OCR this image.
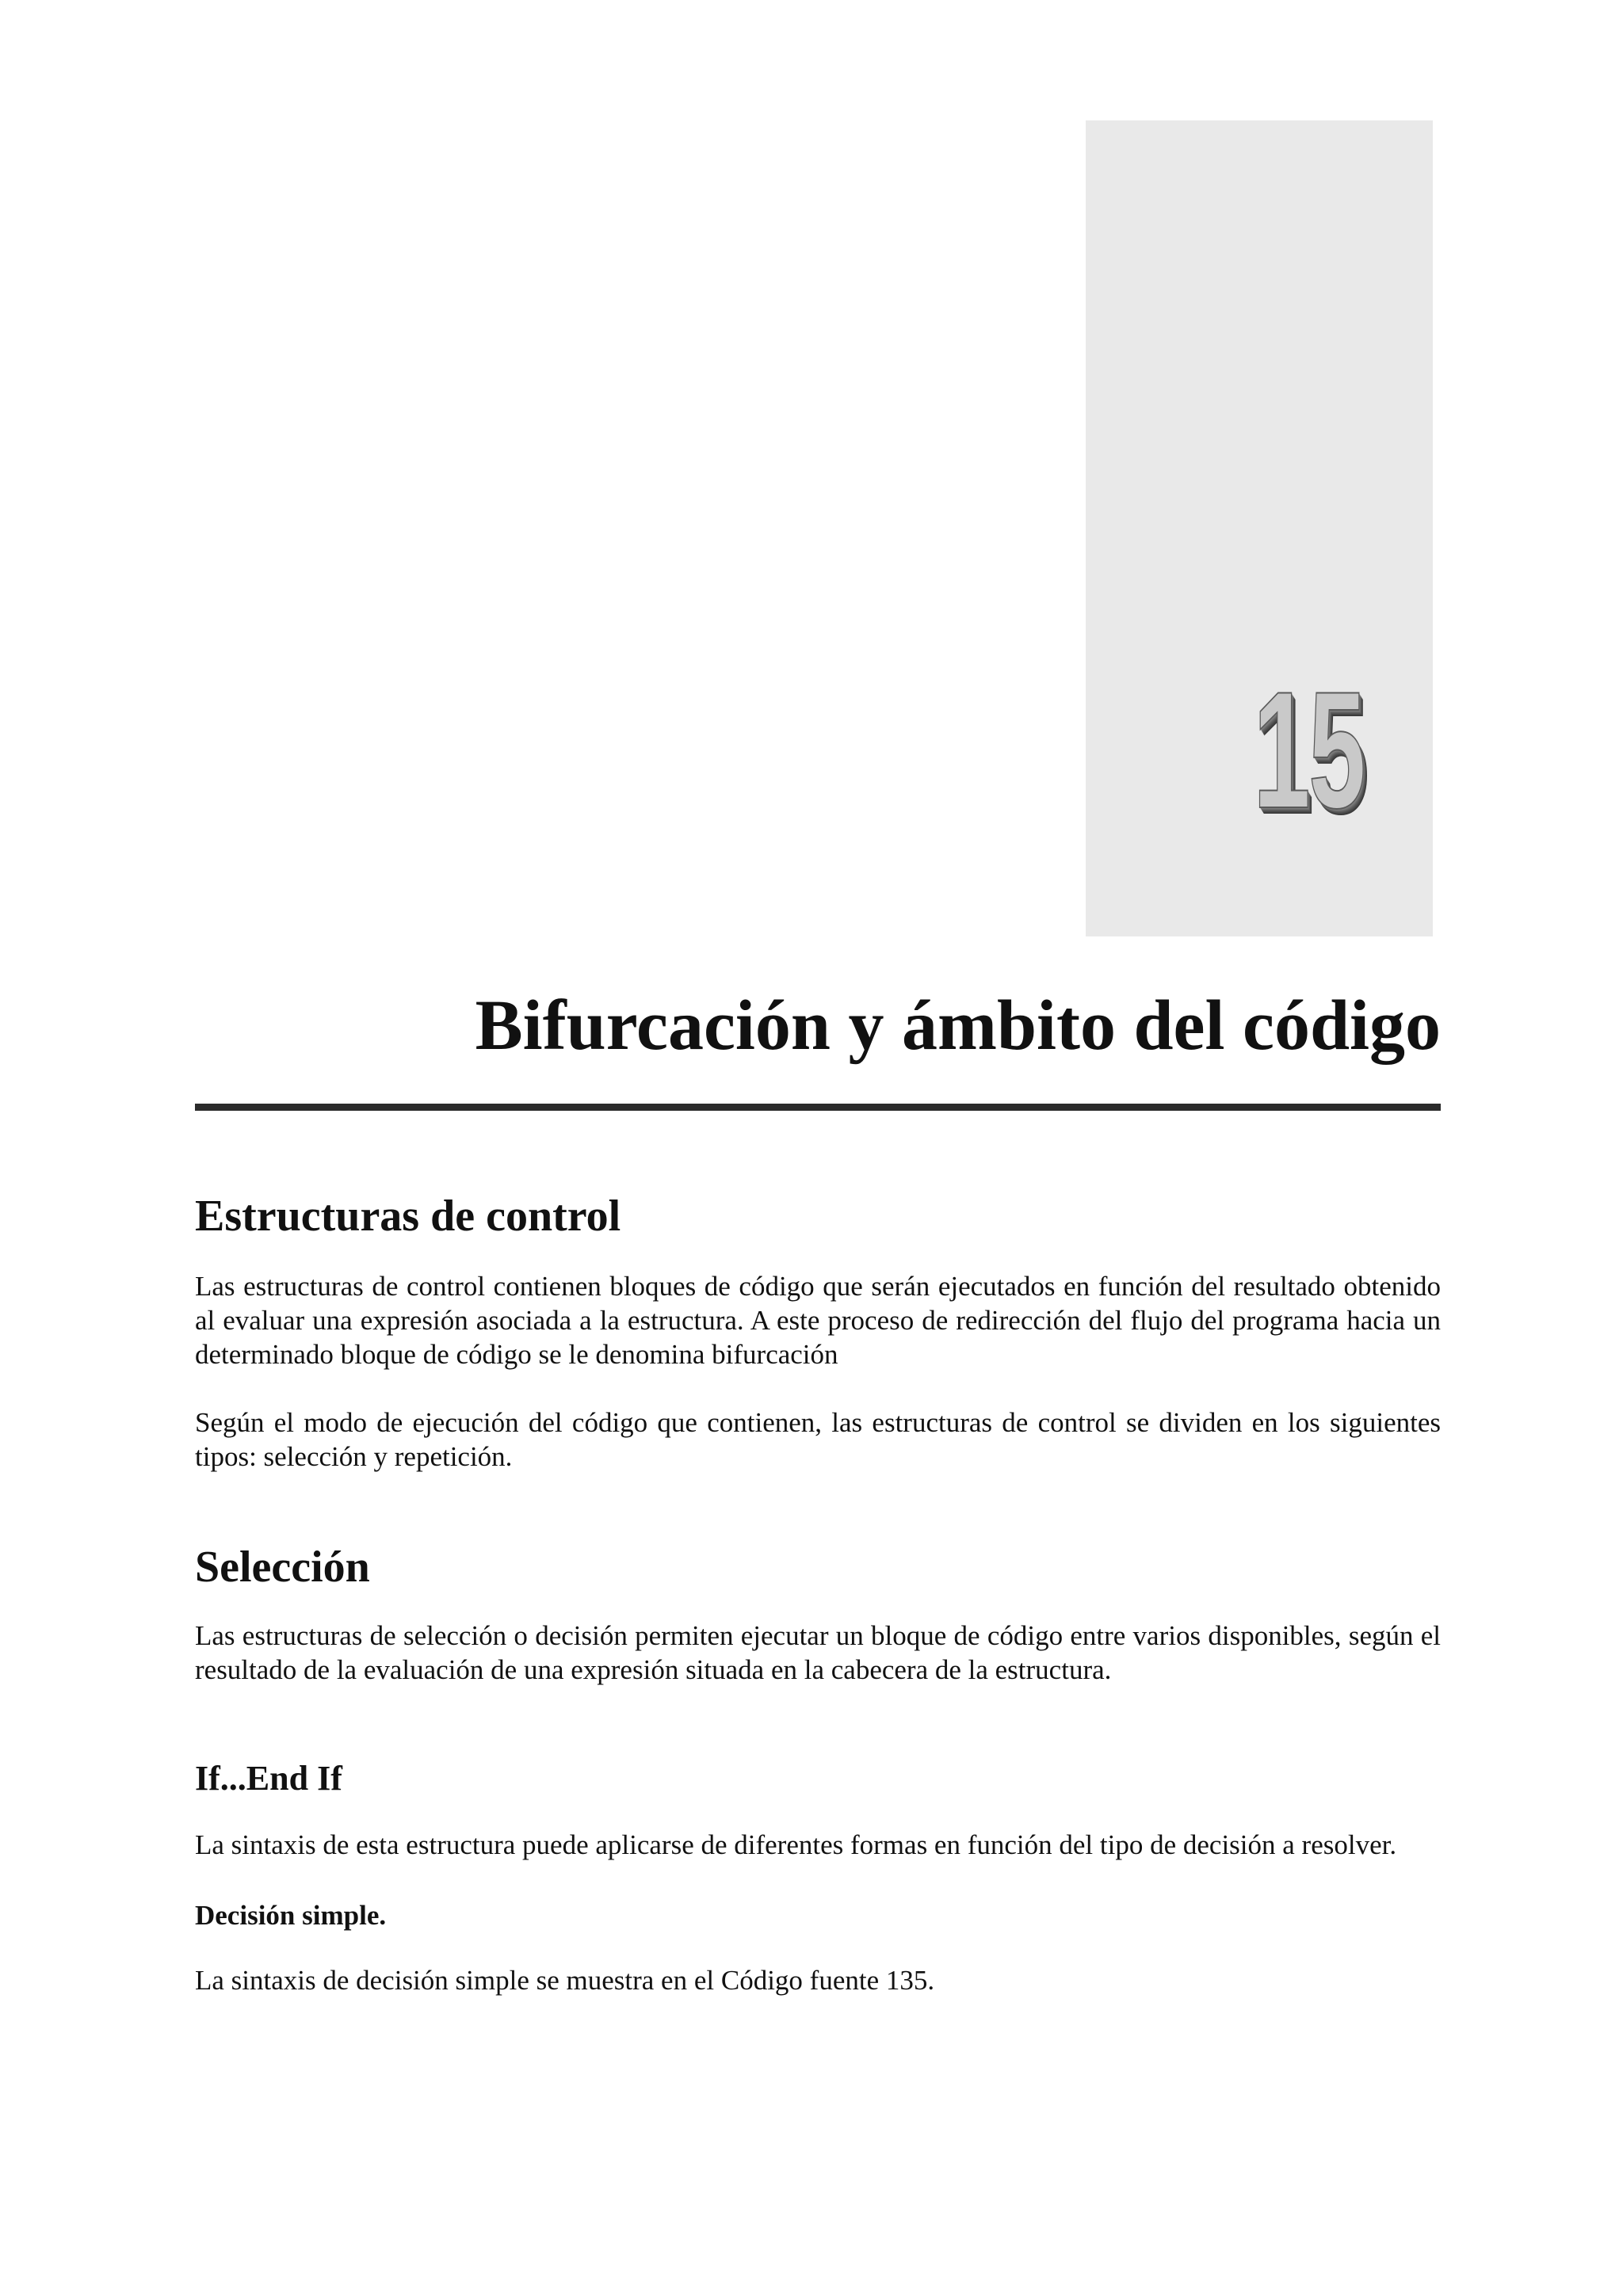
15
Bifurcación y ámbito del código
Estructuras de control

Las estructuras de control contienen bloques de código que serán ejecutados en función del resultado obtenido al evaluar una expresión asociada a la estructura. A este proceso de redirección del flujo del programa hacia un determinado bloque de código se le denomina bifurcación

Según el modo de ejecución del código que contienen, las estructuras de control se dividen en los siguientes tipos: selección y repetición.

Selección

Las estructuras de selección o decisión permiten ejecutar un bloque de código entre varios disponibles, según el resultado de la evaluación de una expresión situada en la cabecera de la estructura.

If...End If

La sintaxis de esta estructura puede aplicarse de diferentes formas en función del tipo de decisión a resolver.

Decisión simple.

La sintaxis de decisión simple se muestra en el Código fuente 135.
